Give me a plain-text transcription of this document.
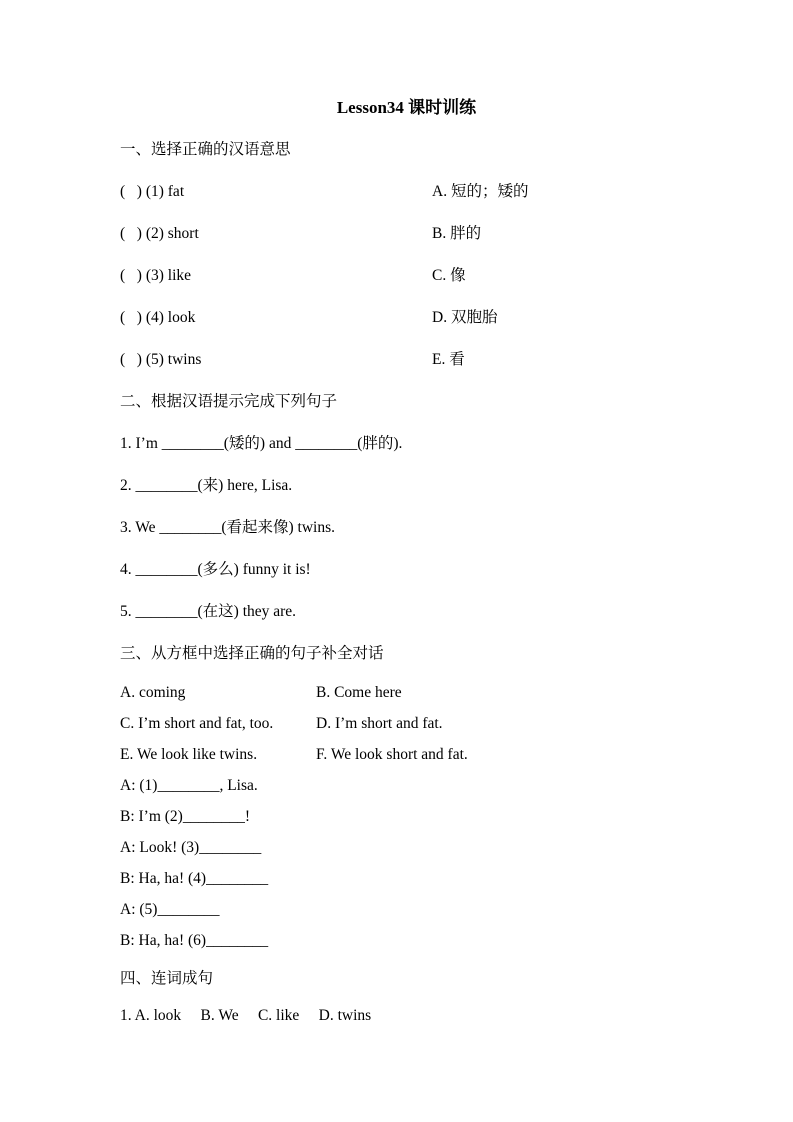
Lesson34 课时训练
一、选择正确的汉语意思
(   ) (1) fat	A. 短的；矮的
(   ) (2) short	B. 胖的
(   ) (3) like	C. 像
(   ) (4) look	D. 双胞胎
(   ) (5) twins	E. 看
二、根据汉语提示完成下列句子
1. I’m ________(矮的) and ________(胖的).
2. ________(来) here, Lisa.
3. We ________(看起来像) twins.
4. ________(多么) funny it is!
5. ________(在这) they are.
三、从方框中选择正确的句子补全对话
A. coming	B. Come here
C. I’m short and fat, too.	D. I’m short and fat.
E. We look like twins.	F. We look short and fat.
A: (1)________, Lisa.
B: I’m (2)________!
A: Look! (3)________
B: Ha, ha! (4)________
A: (5)________
B: Ha, ha! (6)________
四、连词成句
1. A. look     B. We     C. like     D. twins
